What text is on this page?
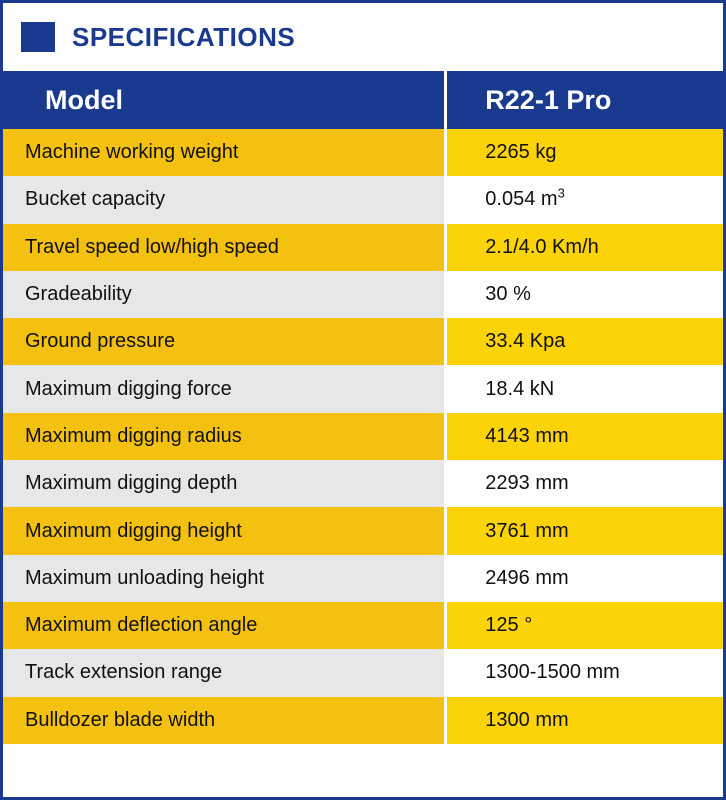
SPECIFICATIONS
Model	R22-1 Pro
Machine working weight	2265 kg
Bucket capacity	0.054 $m^3$
Travel speed low/high speed	2.1/4.0 Km/h
Gradeability	30 %
Ground pressure	33.4 Kpa
Maximum digging force	18.4 kN
Maximum digging radius	4143 mm
Maximum digging depth	2293 mm
Maximum digging height	3761 mm
Maximum unloading height	2496 mm
Maximum deflection angle	125 °
Track extension range	1300-1500 mm
Bulldozer blade width	1300 mm
